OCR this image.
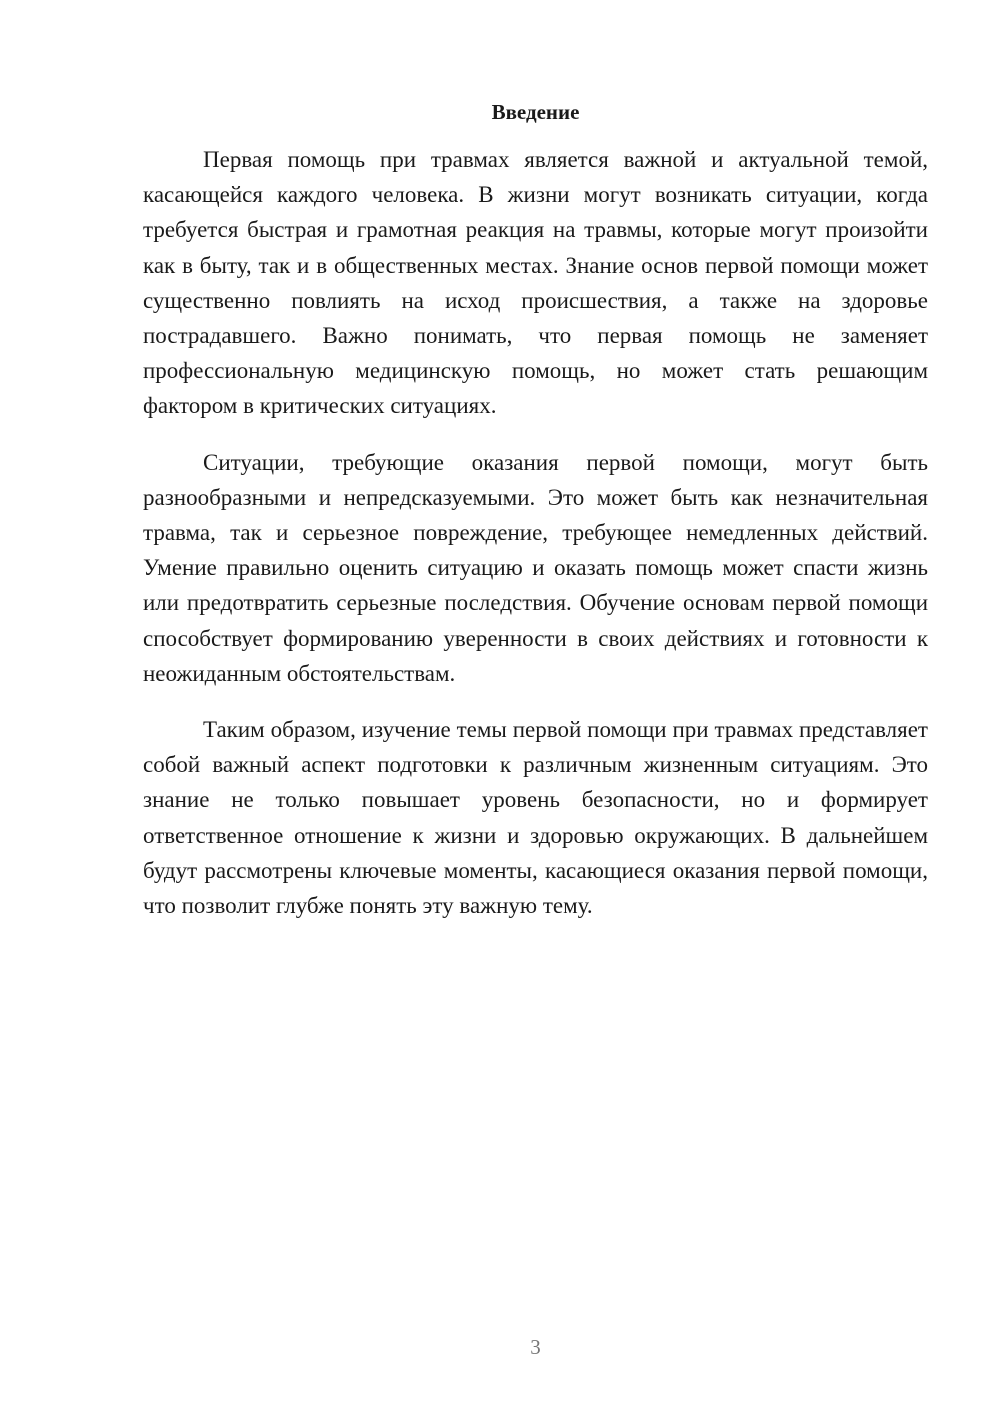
Введение

Первая помощь при травмах является важной и актуальной темой, касающейся каждого человека. В жизни могут возникать ситуации, когда требуется быстрая и грамотная реакция на травмы, которые могут произойти как в быту, так и в общественных местах. Знание основ первой помощи может существенно повлиять на исход происшествия, а также на здоровье пострадавшего. Важно понимать, что первая помощь не заменяет профессиональную медицинскую помощь, но может стать решающим фактором в критических ситуациях.

Ситуации, требующие оказания первой помощи, могут быть разнообразными и непредсказуемыми. Это может быть как незначительная травма, так и серьезное повреждение, требующее немедленных действий. Умение правильно оценить ситуацию и оказать помощь может спасти жизнь или предотвратить серьезные последствия. Обучение основам первой помощи способствует формированию уверенности в своих действиях и готовности к неожиданным обстоятельствам.

Таким образом, изучение темы первой помощи при травмах представляет собой важный аспект подготовки к различным жизненным ситуациям. Это знание не только повышает уровень безопасности, но и формирует ответственное отношение к жизни и здоровью окружающих. В дальнейшем будут рассмотрены ключевые моменты, касающиеся оказания первой помощи, что позволит глубже понять эту важную тему.

3
